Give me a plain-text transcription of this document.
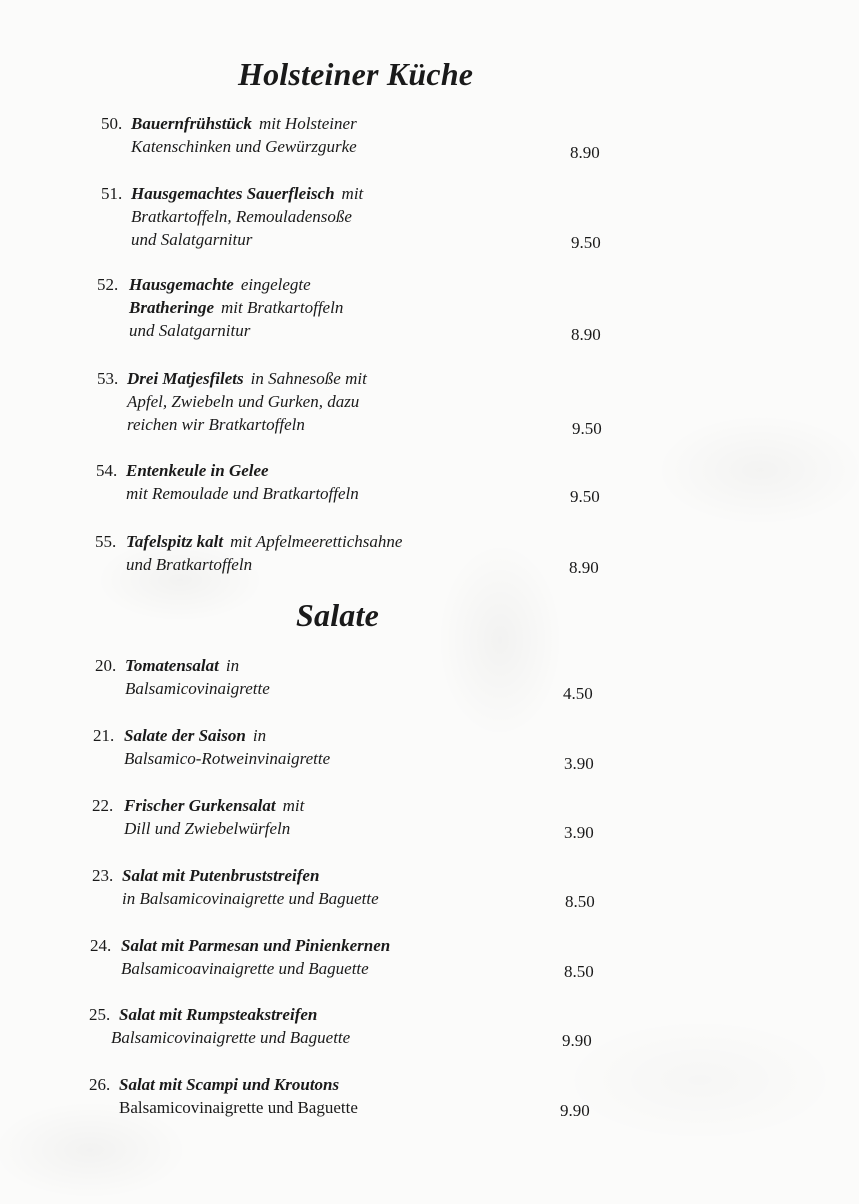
Holsteiner Küche
50. Bauernfrühstück mit Holsteiner
Katenschinken und Gewürzgurke	8.90
51. Hausgemachtes Sauerfleisch mit
Bratkartoffeln, Remouladensoße
und Salatgarnitur	9.50
52. Hausgemachte eingelegte
Bratheringe mit Bratkartoffeln
und Salatgarnitur	8.90
53. Drei Matjesfilets in Sahnesoße mit
Apfel, Zwiebeln und Gurken, dazu
reichen wir Bratkartoffeln	9.50
54. Entenkeule in Gelee
mit Remoulade und Bratkartoffeln	9.50
55. Tafelspitz kalt mit Apfelmeerettichsahne
und Bratkartoffeln	8.90
Salate
20. Tomatensalat in
Balsamicovinaigrette	4.50
21. Salate der Saison in
Balsamico-Rotweinvinaigrette	3.90
22. Frischer Gurkensalat mit
Dill und Zwiebelwürfeln	3.90
23. Salat mit Putenbruststreifen
in Balsamicovinaigrette und Baguette	8.50
24. Salat mit Parmesan und Pinienkernen
Balsamicoavinaigrette und Baguette	8.50
25. Salat mit Rumpsteakstreifen
Balsamicovinaigrette und Baguette	9.90
26. Salat mit Scampi und Kroutons
Balsamicovinaigrette und Baguette	9.90
